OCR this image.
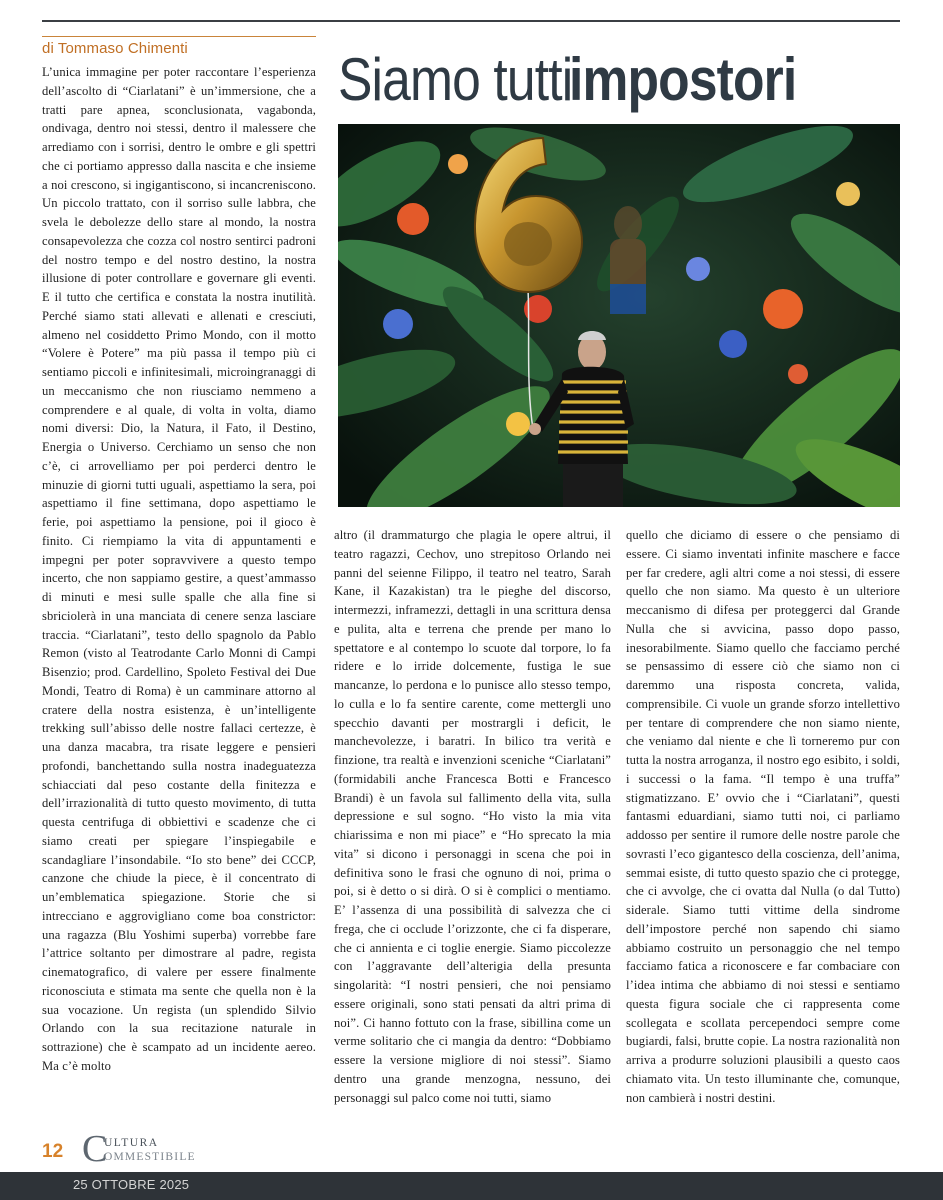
di Tommaso Chimenti	Siamo tutti impostori
L’unica immagine per poter raccontare l’esperienza dell’ascolto di “Ciarlatani” è un’immersione, che a tratti pare apnea, sconclusionata, vagabonda, ondivaga, dentro noi stessi, dentro il malessere che arrediamo con i sorrisi, dentro le ombre e gli spettri che ci portiamo appresso dalla nascita e che insieme a noi crescono, si ingigantiscono, si incancreniscono. Un piccolo trattato, con il sorriso sulle labbra, che svela le debolezze dello stare al mondo, la nostra consapevolezza che cozza col nostro sentirci padroni del nostro tempo e del nostro destino, la nostra illusione di poter controllare e governare gli eventi. E il tutto che certifica e constata la nostra inutilità. Perché siamo stati allevati e allenati e cresciuti, almeno nel cosiddetto Primo Mondo, con il motto “Volere è Potere” ma più passa il tempo più ci sentiamo piccoli e infinitesimali, microingranaggi di un meccanismo che non riusciamo nemmeno a comprendere e al quale, di volta in volta, diamo nomi diversi: Dio, la Natura, il Fato, il Destino, Energia o Universo. Cerchiamo un senso che non c’è, ci arrovelliamo per poi perderci dentro le minuzie di giorni tutti uguali, aspettiamo la sera, poi aspettiamo il fine settimana, dopo aspettiamo le ferie, poi aspettiamo la pensione, poi il gioco è finito. Ci riempiamo la vita di appuntamenti e impegni per poter sopravvivere a questo tempo incerto, che non sappiamo gestire, a quest’ammasso di minuti e mesi sulle spalle che alla fine si sbriciolerà in una manciata di cenere senza lasciare traccia. “Ciarlatani”, testo dello spagnolo da Pablo Remon (visto al Teatrodante Carlo Monni di Campi Bisenzio; prod. Cardellino, Spoleto Festival dei Due Mondi, Teatro di Roma) è un camminare attorno al cratere della nostra esistenza, è un’intelligente trekking sull’abisso delle nostre fallaci certezze, è una danza macabra, tra risate leggere e pensieri profondi, banchettando sulla nostra inadeguatezza schiacciati dal peso costante della finitezza e dell’irrazionalità di tutto questo movimento, di tutta questa centrifuga di obbiettivi e scadenze che ci siamo creati per spiegare l’inspiegabile e scandagliare l’insondabile. “Io sto bene” dei CCCP, canzone che chiude la piece, è il concentrato di un’emblematica spiegazione. Storie che si intrecciano e aggrovigliano come boa constrictor: una ragazza (Blu Yoshimi superba) vorrebbe fare l’attrice soltanto per dimostrare al padre, regista cinematografico, di valere per essere finalmente riconosciuta e stimata ma sente che quella non è la sua vocazione. Un regista (un splendido Silvio Orlando con la sua recitazione naturale in sottrazione) che è scampato ad un incidente aereo. Ma c’è molto
altro (il drammaturgo che plagia le opere altrui, il teatro ragazzi, Cechov, uno strepitoso Orlando nei panni del seienne Filippo, il teatro nel teatro, Sarah Kane, il Kazakistan) tra le pieghe del discorso, intermezzi, inframezzi, dettagli in una scrittura densa e pulita, alta e terrena che prende per mano lo spettatore e al contempo lo scuote dal torpore, lo fa ridere e lo irride dolcemente, fustiga le sue mancanze, lo perdona e lo punisce allo stesso tempo, lo culla e lo fa sentire carente, come mettergli uno specchio davanti per mostrargli i deficit, le manchevolezze, i baratri. In bilico tra verità e finzione, tra realtà e invenzioni sceniche “Ciarlatani” (formidabili anche Francesca Botti e Francesco Brandi) è un favola sul fallimento della vita, sulla depressione e sul sogno. “Ho visto la mia vita chiarissima e non mi piace” e “Ho sprecato la mia vita” si dicono i personaggi in scena che poi in definitiva sono le frasi che ognuno di noi, prima o poi, si è detto o si dirà. O si è complici o mentiamo. E’ l’assenza di una possibilità di salvezza che ci frega, che ci occlude l’orizzonte, che ci fa disperare, che ci annienta e ci toglie energie. Siamo piccolezze con l’aggravante dell’alterigia della presunta singolarità: “I nostri pensieri, che noi pensiamo essere originali, sono stati pensati da altri prima di noi”. Ci hanno fottuto con la frase, sibillina come un verme solitario che ci mangia da dentro: “Dobbiamo essere la versione migliore di noi stessi”. Siamo dentro una grande menzogna, nessuno, dei personaggi sul palco come noi tutti, siamo
quello che diciamo di essere o che pensiamo di essere. Ci siamo inventati infinite maschere e facce per far credere, agli altri come a noi stessi, di essere quello che non siamo. Ma questo è un ulteriore meccanismo di difesa per proteggerci dal Grande Nulla che si avvicina, passo dopo passo, inesorabilmente. Siamo quello che facciamo perché se pensassimo di essere ciò che siamo non ci daremmo una risposta concreta, valida, comprensibile. Ci vuole un grande sforzo intellettivo per tentare di comprendere che non siamo niente, che veniamo dal niente e che lì torneremo pur con tutta la nostra arroganza, il nostro ego esibito, i soldi, i successi o la fama. “Il tempo è una truffa” stigmatizzano. E’ ovvio che i “Ciarlatani”, questi fantasmi eduardiani, siamo tutti noi, ci parliamo addosso per sentire il rumore delle nostre parole che sovrasti l’eco gigantesco della coscienza, dell’anima, semmai esiste, di tutto questo spazio che ci protegge, che ci avvolge, che ci ovatta dal Nulla (o dal Tutto) siderale. Siamo tutti vittime della sindrome dell’impostore perché non sapendo chi siamo abbiamo costruito un personaggio che nel tempo facciamo fatica a riconoscere e far combaciare con l’idea intima che abbiamo di noi stessi e sentiamo questa figura sociale che ci rappresenta come scollegata e scollata percependoci sempre come bugiardi, falsi, brutte copie. La nostra razionalità non arriva a produrre soluzioni plausibili a questo caos chiamato vita. Un testo illuminante che, comunque, non cambierà i nostri destini.
12 C
ULTURA
OMMESTIBILE
25 OTTOBRE 2025
